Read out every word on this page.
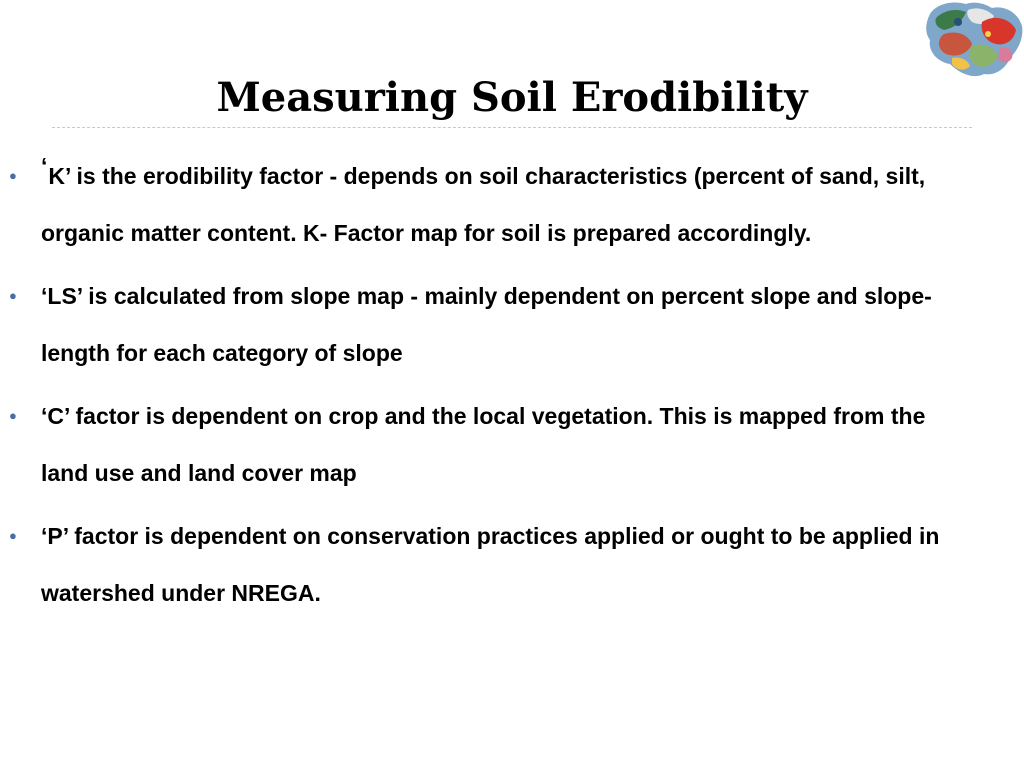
Measuring Soil Erodibility
● ‘K’ is the erodibility factor - depends on soil characteristics (percent of sand, silt, organic matter content. K- Factor map for soil is prepared accordingly.
● ‘LS’ is calculated from slope map - mainly dependent on percent slope and slope-length for each category of slope
● ‘C’ factor is dependent on crop and the local vegetation. This is mapped from the land use and land cover map
● ‘P’ factor is dependent on conservation practices applied or ought to be applied in watershed under NREGA.
